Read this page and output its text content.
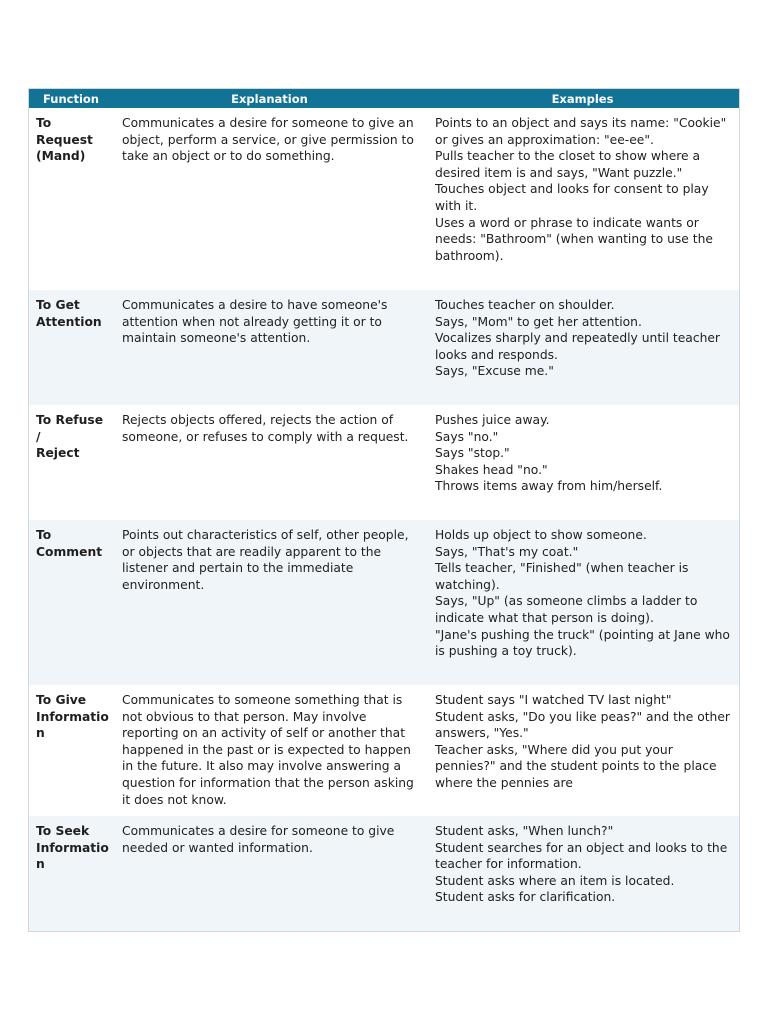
Function	Explanation	Examples
To Request
(Mand)
Communicates a desire for someone to give an object, perform a service, or give permission to take an object or to do something.
Points to an object and says its name: "Cookie" or gives an approximation: "ee-ee".
Pulls teacher to the closet to show where a desired item is and says, "Want puzzle."
Touches object and looks for consent to play with it.
Uses a word or phrase to indicate wants or needs: "Bathroom" (when wanting to use the bathroom).
To Get
Attention
Communicates a desire to have someone's attention when not already getting it or to maintain someone's attention.
Touches teacher on shoulder.
Says, "Mom" to get her attention.
Vocalizes sharply and repeatedly until teacher looks and responds.
Says, "Excuse me."
To Refuse /
Reject
Rejects objects offered, rejects the action of someone, or refuses to comply with a request.
Pushes juice away.
Says "no."
Says "stop."
Shakes head "no."
Throws items away from him/herself.
To
Comment
Points out characteristics of self, other people, or objects that are readily apparent to the listener and pertain to the immediate environment.
Holds up object to show someone.
Says, "That's my coat."
Tells teacher, "Finished" (when teacher is watching).
Says, "Up" (as someone climbs a ladder to indicate what that person is doing).
"Jane's pushing the truck" (pointing at Jane who is pushing a toy truck).
To Give
Informatio
n
Communicates to someone something that is not obvious to that person. May involve reporting on an activity of self or another that happened in the past or is expected to happen in the future. It also may involve answering a question for information that the person asking it does not know.
Student says "I watched TV last night"
Student asks, "Do you like peas?" and the other answers, "Yes."
Teacher asks, "Where did you put your pennies?" and the student points to the place where the pennies are
To Seek
Informatio
n
Communicates a desire for someone to give needed or wanted information.
Student asks, "When lunch?"
Student searches for an object and looks to the teacher for information.
Student asks where an item is located.
Student asks for clarification.
